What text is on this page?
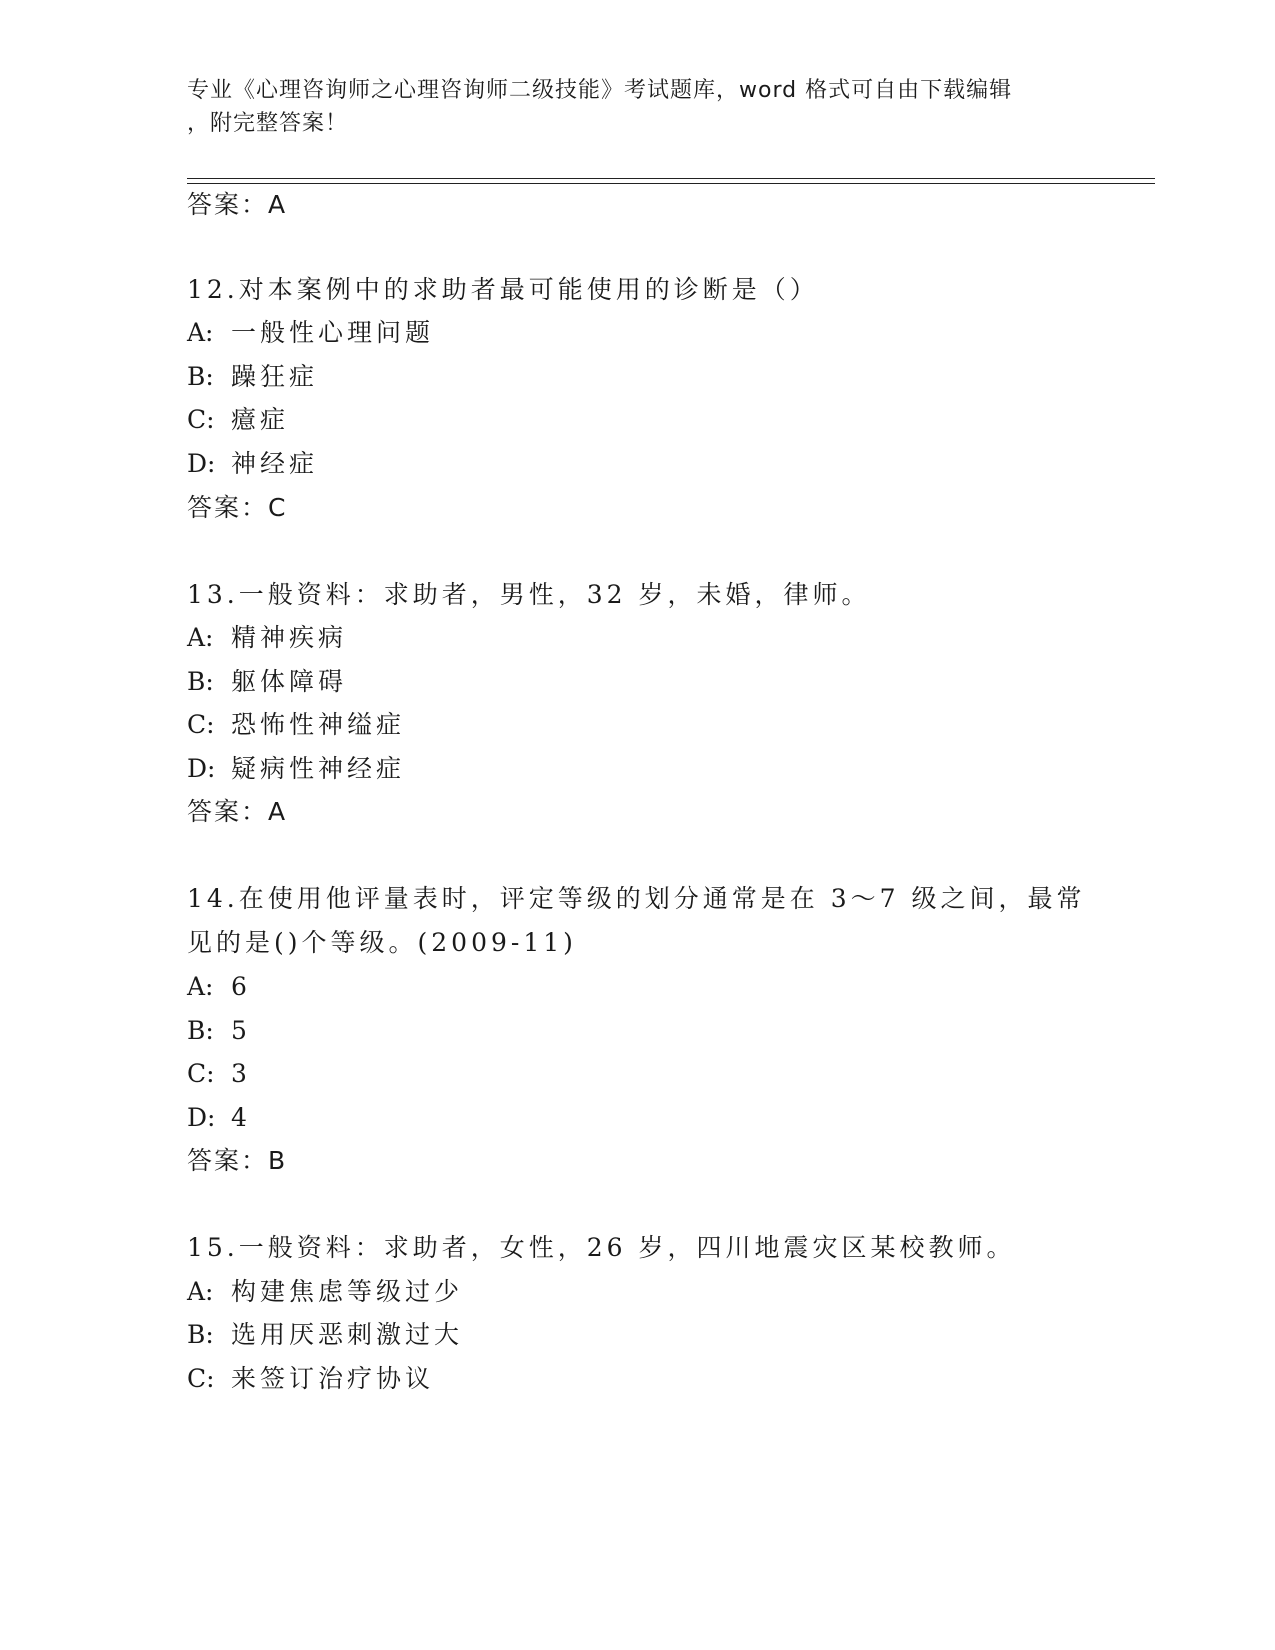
专业《心理咨询师之心理咨询师二级技能》考试题库，word 格式可自由下载编辑
，附完整答案！
答案：A
12.对本案例中的求助者最可能使用的诊断是（）
A: 一般性心理问题
B: 躁狂症
C: 癔症
D: 神经症
答案：C
13.一般资料：求助者，男性，32 岁，未婚，律师。
A: 精神疾病
B: 躯体障碍
C: 恐怖性神缢症
D: 疑病性神经症
答案：A
14.在使用他评量表时，评定等级的划分通常是在 3～7 级之间，最常
见的是()个等级。(2009-11)
A: 6
B: 5
C: 3
D: 4
答案：B
15.一般资料：求助者，女性，26 岁，四川地震灾区某校教师。
A: 构建焦虑等级过少
B: 选用厌恶刺激过大
C: 来签订治疗协议
